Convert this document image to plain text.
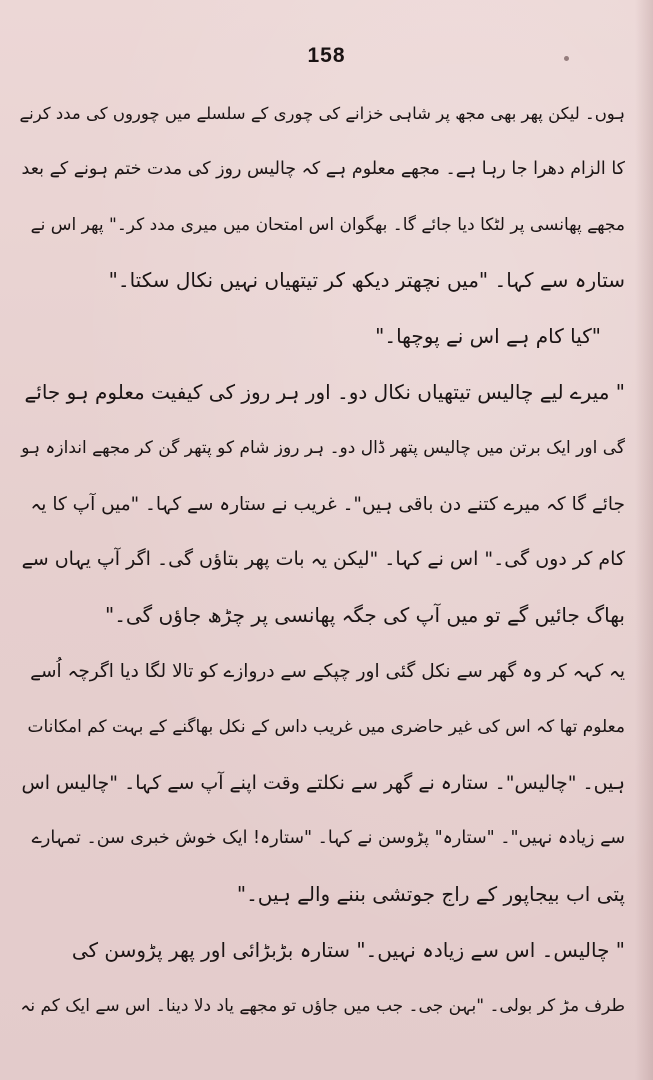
158
ہوں۔ لیکن پھر بھی مجھ پر شاہی خزانے کی چوری کے سلسلے میں چوروں کی مدد کرنے
کا الزام دھرا جا رہا ہے۔ مجھے معلوم ہے کہ چالیس روز کی مدت ختم ہونے کے بعد
مجھے پھانسی پر لٹکا دیا جائے گا۔ بھگوان اس امتحان میں میری مدد کر۔" پھر اس نے
ستارہ سے کہا۔ "میں نچھتر دیکھ کر تیتھیاں نہیں نکال سکتا۔"
"کیا کام ہے اس نے پوچھا۔"
" میرے لیے چالیس تیتھیاں نکال دو۔ اور ہر روز کی کیفیت معلوم ہو جائے
گی اور ایک برتن میں چالیس پتھر ڈال دو۔ ہر روز شام کو پتھر گن کر مجھے اندازہ ہو
جائے گا کہ میرے کتنے دن باقی ہیں"۔ غریب نے ستارہ سے کہا۔ "میں آپ کا یہ
کام کر دوں گی۔" اس نے کہا۔ "لیکن یہ بات پھر بتاؤں گی۔ اگر آپ یہاں سے
بھاگ جائیں گے تو میں آپ کی جگہ پھانسی پر چڑھ جاؤں گی۔"
یہ کہہ کر وہ گھر سے نکل گئی اور چپکے سے دروازے کو تالا لگا دیا اگرچہ اُسے
معلوم تھا کہ اس کی غیر حاضری میں غریب داس کے نکل بھاگنے کے بہت کم امکانات
ہیں۔ "چالیس"۔ ستارہ نے گھر سے نکلتے وقت اپنے آپ سے کہا۔ "چالیس اس
سے زیادہ نہیں"۔ "ستارہ" پڑوسن نے کہا۔ "ستارہ! ایک خوش خبری سن۔ تمہارے
پتی اب بیجاپور کے راج جوتشی بننے والے ہیں۔"
" چالیس۔ اس سے زیادہ نہیں۔" ستارہ بڑبڑائی اور پھر پڑوسن کی
طرف مڑ کر بولی۔ "بہن جی۔ جب میں جاؤں تو مجھے یاد دلا دینا۔ اس سے ایک کم نہ
